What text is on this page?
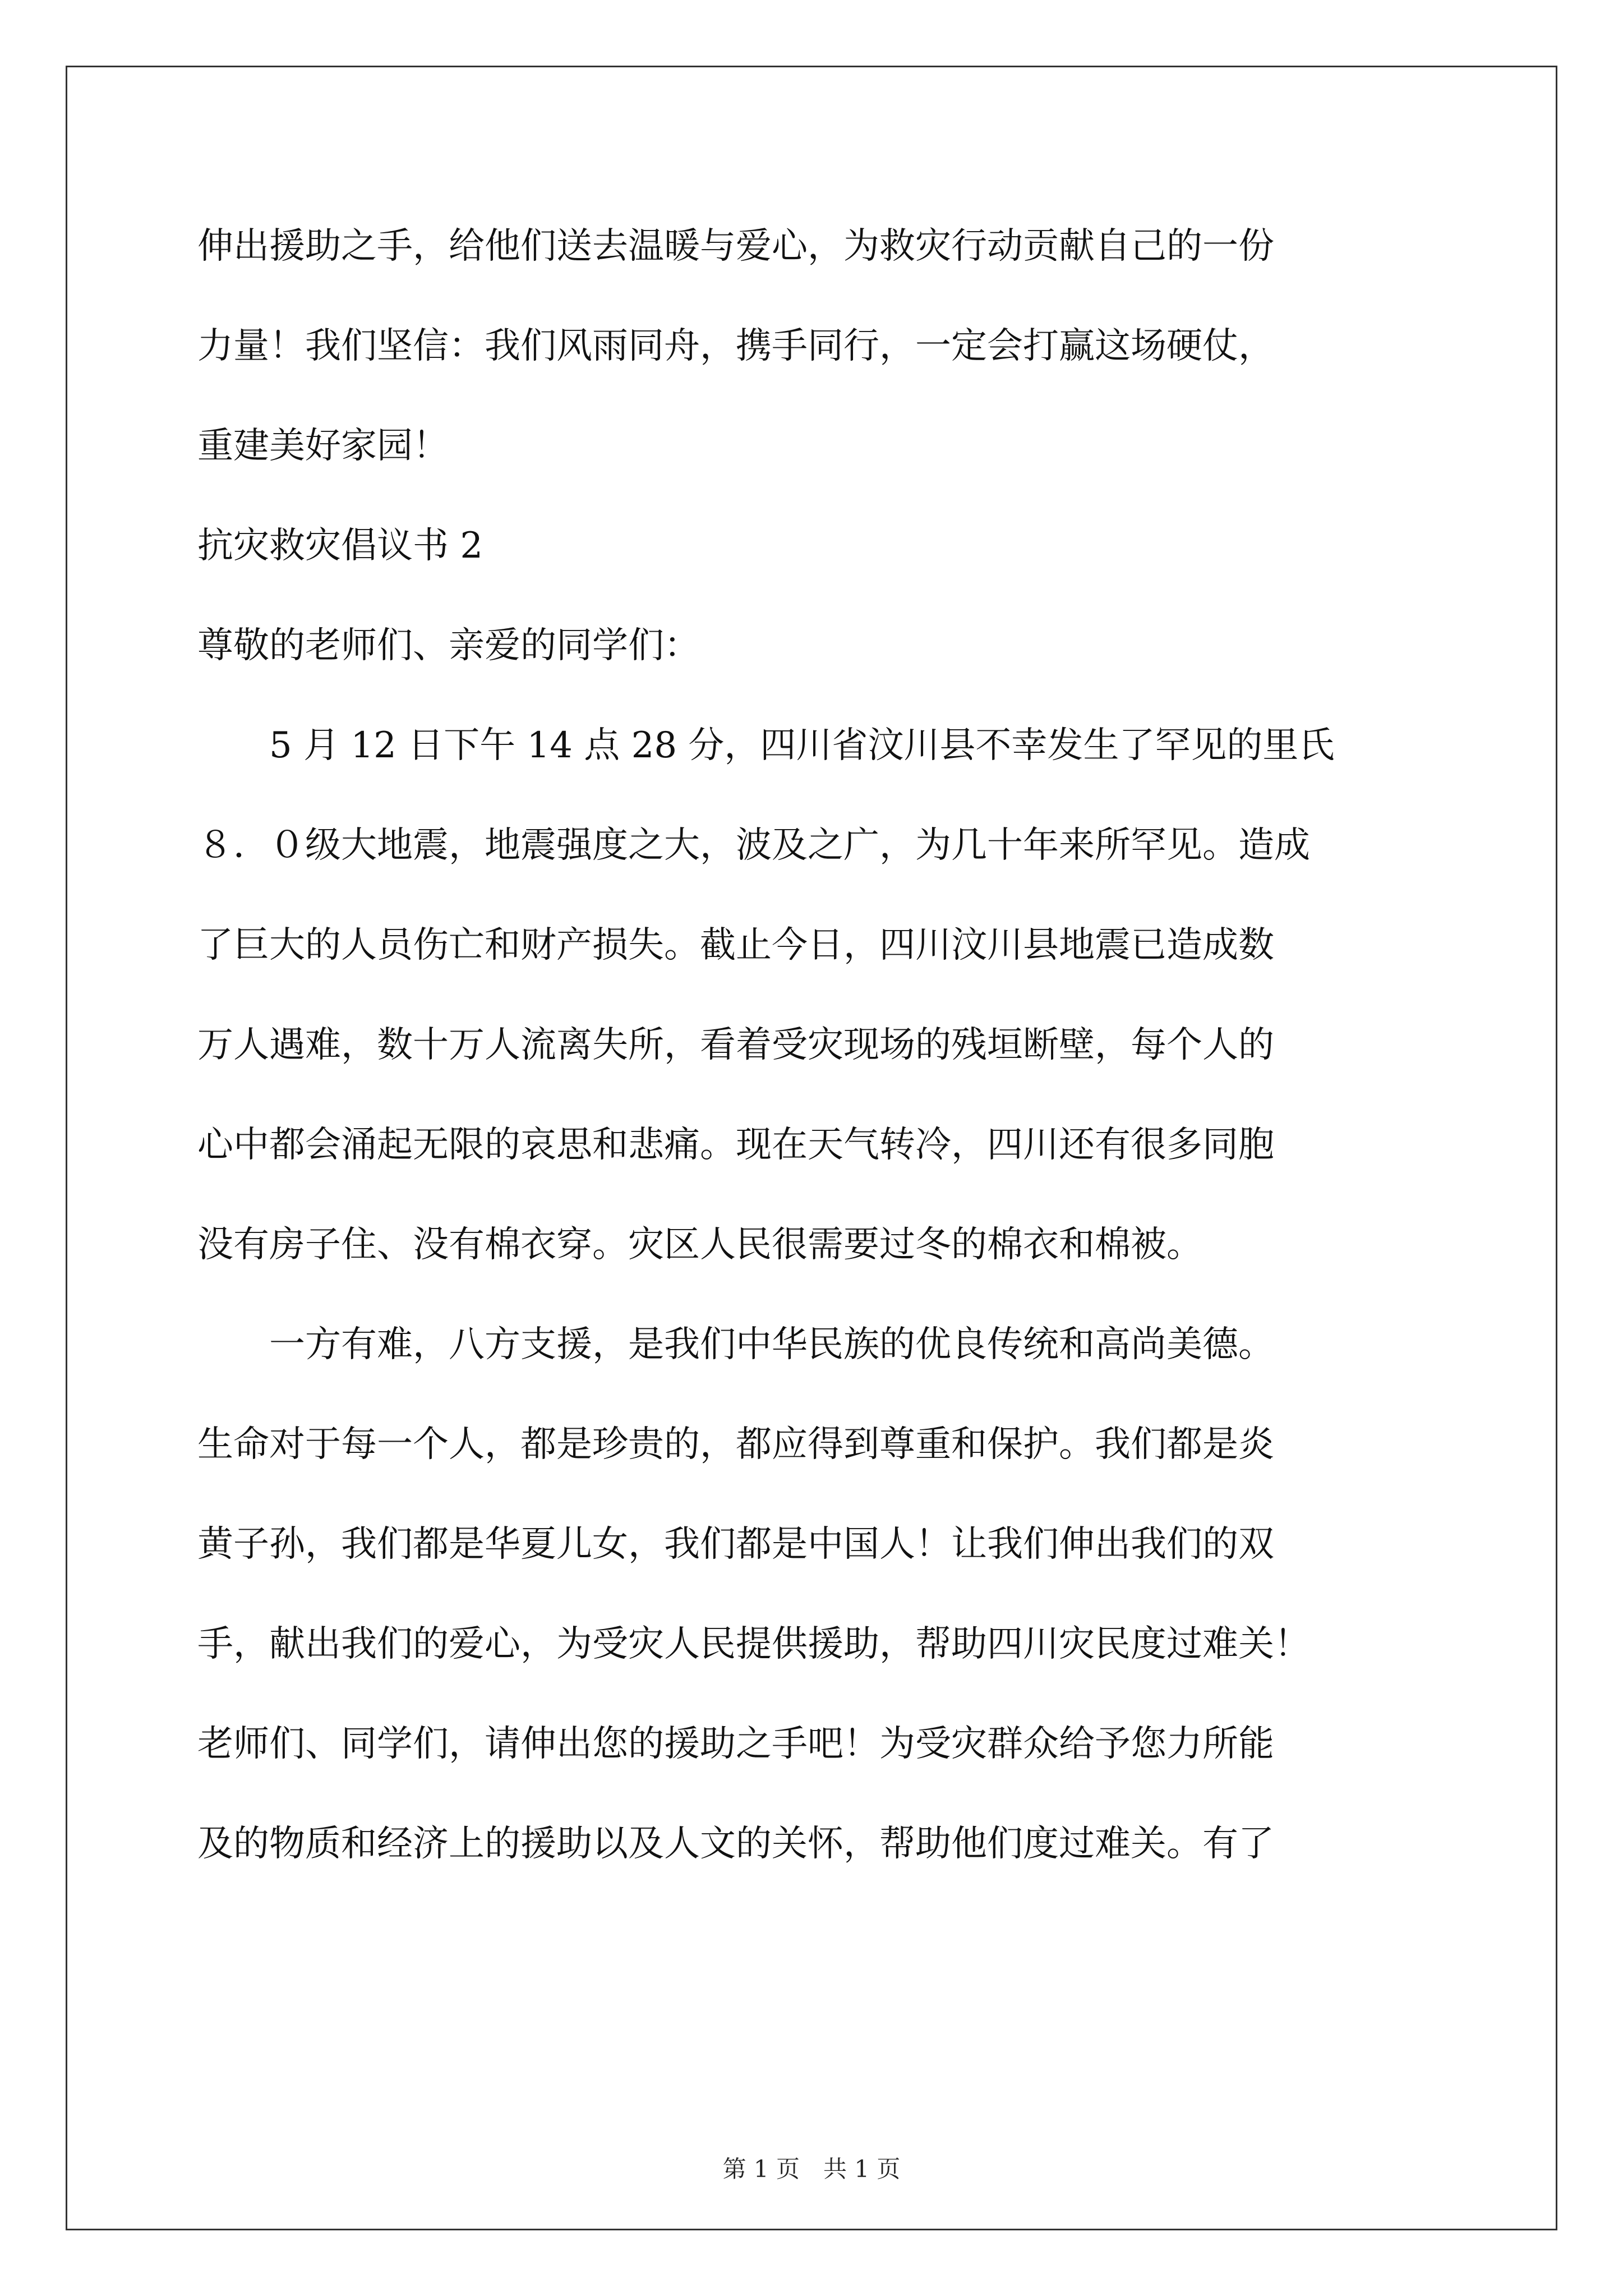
伸出援助之手，给他们送去温暖与爱心，为救灾行动贡献自己的一份
力量！我们坚信：我们风雨同舟，携手同行，一定会打赢这场硬仗，
重建美好家园！
抗灾救灾倡议书 2
尊敬的老师们、亲爱的同学们：
5 月 12 日下午 14 点 28 分，四川省汶川县不幸发生了罕见的里氏
８．０级大地震，地震强度之大，波及之广，为几十年来所罕见。造成
了巨大的人员伤亡和财产损失。截止今日，四川汶川县地震已造成数
万人遇难，数十万人流离失所，看着受灾现场的残垣断壁，每个人的
心中都会涌起无限的哀思和悲痛。现在天气转冷，四川还有很多同胞
没有房子住、没有棉衣穿。灾区人民很需要过冬的棉衣和棉被。
一方有难，八方支援，是我们中华民族的优良传统和高尚美德。
生命对于每一个人，都是珍贵的，都应得到尊重和保护。我们都是炎
黄子孙，我们都是华夏儿女，我们都是中国人！让我们伸出我们的双
手，献出我们的爱心，为受灾人民提供援助，帮助四川灾民度过难关！
老师们、同学们，请伸出您的援助之手吧！为受灾群众给予您力所能
及的物质和经济上的援助以及人文的关怀，帮助他们度过难关。有了
第 1 页　共 1 页
